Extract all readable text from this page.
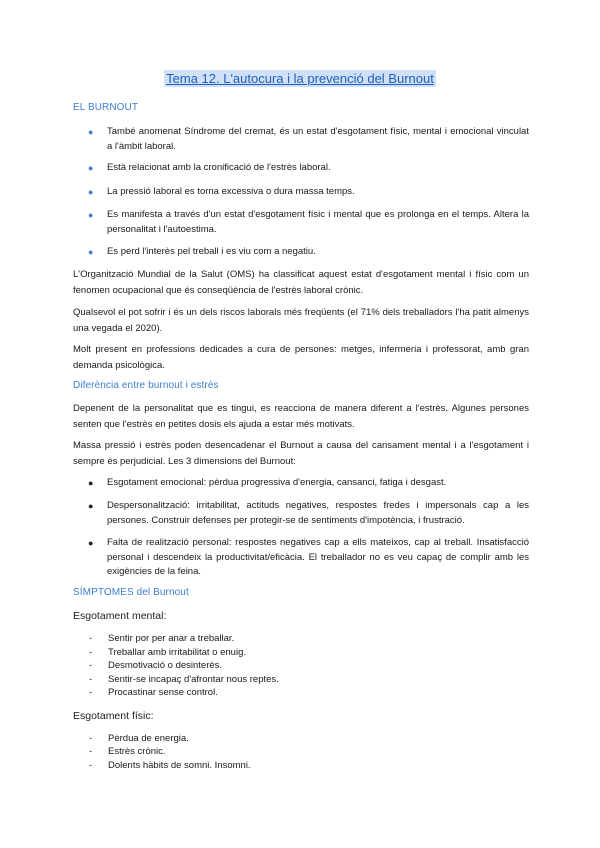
Tema 12. L'autocura i la prevenció del Burnout
EL BURNOUT
● També anomenat Síndrome del cremat, és un estat d'esgotament físic, mental i emocional vinculat a l'àmbit laboral.
● Està relacionat amb la cronificació de l'estrès laboral.
● La pressió laboral es torna excessiva o dura massa temps.
● Es manifesta a través d'un estat d'esgotament físic i mental que es prolonga en el temps. Altera la personalitat i l'autoestima.
● Es perd l'interès pel treball i es viu com a negatiu.
L'Organització Mundial de la Salut (OMS) ha classificat aquest estat d'esgotament mental i físic com un fenomen ocupacional que és conseqüència de l'estrès laboral crònic.
Qualsevol el pot sofrir i és un dels riscos laborals més freqüents (el 71% dels treballadors l'ha patit almenys una vegada el 2020).
Molt present en professions dedicades a cura de persones: metges, infermeria i professorat, amb gran demanda psicològica.
Diferència entre burnout i estrès
Depenent de la personalitat que es tingui, es reacciona de manera diferent a l'estrès. Algunes persones senten que l'estrès en petites dosis els ajuda a estar més motivats.
Massa pressió i estrès poden desencadenar el Burnout a causa del cansament mental i a l'esgotament i sempre és perjudicial. Les 3 dimensions del Burnout:
● Esgotament emocional: pèrdua progressiva d'energia, cansanci, fatiga i desgast.
● Despersonalització: irritabilitat, actituds negatives, respostes fredes i impersonals cap a les persones. Construir defenses per protegir-se de sentiments d'impotència, i frustració.
● Falta de realització personal: respostes negatives cap a ells mateixos, cap al treball. Insatisfacció personal i descendeix la productivitat/eficàcia. El treballador no es veu capaç de complir amb les exigències de la feina.
SÍMPTOMES del Burnout
Esgotament mental:
- Sentir por per anar a treballar.
- Treballar amb irritabilitat o enuig.
- Desmotivació o desinterès.
- Sentir-se incapaç d'afrontar nous reptes.
- Procastinar sense control.
Esgotament físic:
- Pèrdua de energia.
- Estrès crònic.
- Dolents hàbits de somni. Insomni.
